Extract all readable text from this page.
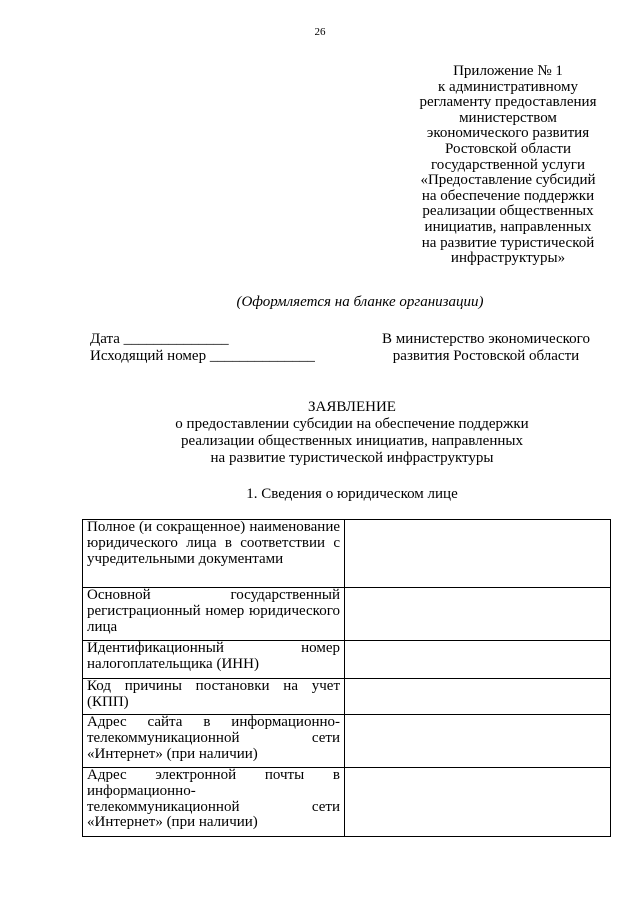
26
Приложение № 1
к административному
регламенту предоставления
министерством
экономического развития
Ростовской области
государственной услуги
«Предоставление субсидий
на обеспечение поддержки
реализации общественных
инициатив, направленных
на развитие туристической
инфраструктуры»
(Оформляется на бланке организации)
Дата ______________
Исходящий номер ______________
В министерство экономического
развития Ростовской области
ЗАЯВЛЕНИЕ
о предоставлении субсидии на обеспечение поддержки
реализации общественных инициатив, направленных
на развитие туристической инфраструктуры
1. Сведения о юридическом лице
Полное (и сокращенное) наименование юридического лица в соответствии с учредительными документами	
Основной государственный регистрационный номер юридического лица	
Идентификационный номер налогоплательщика (ИНН)	
Код причины постановки на учет (КПП)	
Адрес сайта в информационно-телекоммуникационной сети «Интернет» (при наличии)	
Адрес электронной почты в информационно-телекоммуникационной сети «Интернет» (при наличии)	
